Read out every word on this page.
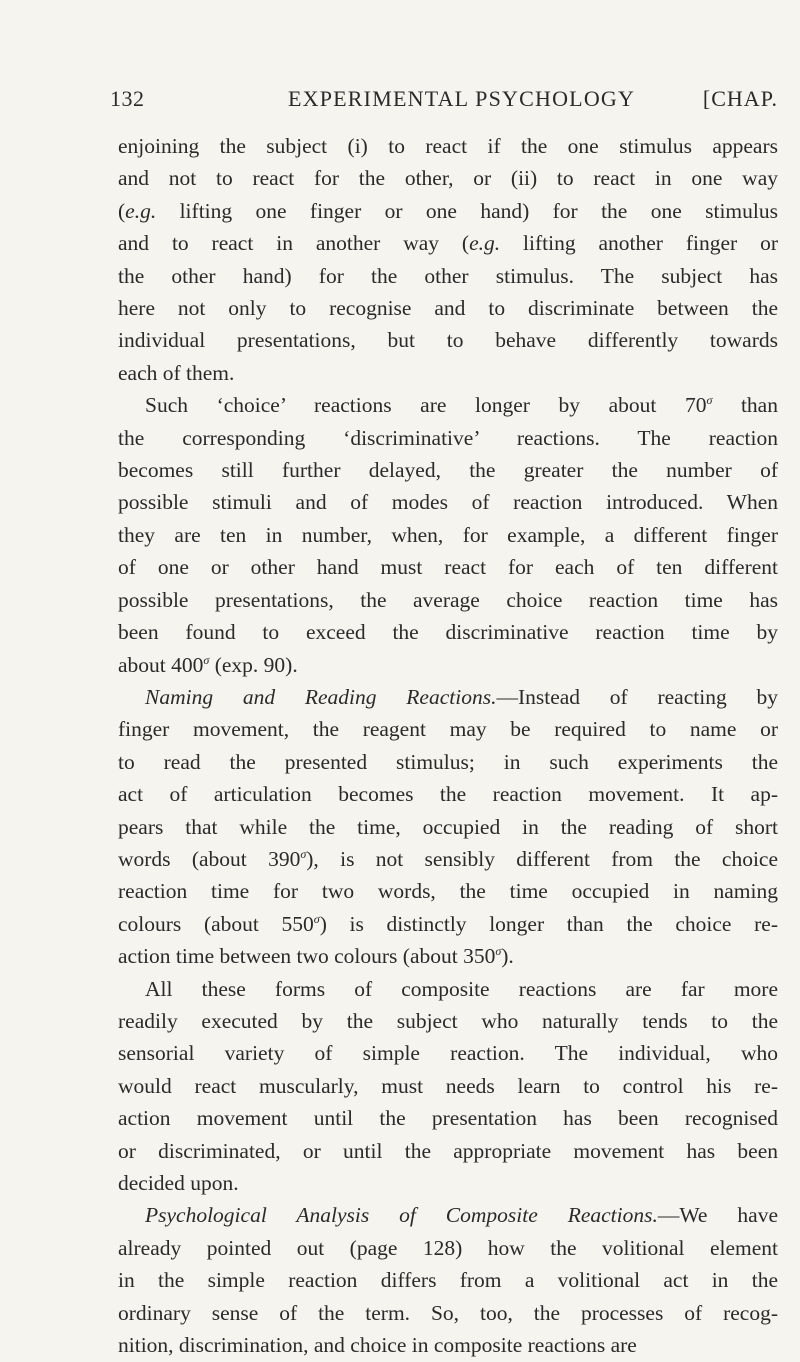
132	EXPERIMENTAL PSYCHOLOGY	[CHAP.
enjoining the subject (i) to react if the one stimulus appears
and not to react for the other, or (ii) to react in one way
(e.g. lifting one finger or one hand) for the one stimulus
and to react in another way (e.g. lifting another finger or
the other hand) for the other stimulus. The subject has
here not only to recognise and to discriminate between the
individual presentations, but to behave differently towards
each of them.
Such ‘choice’ reactions are longer by about $70^\sigma$ than
the corresponding ‘discriminative’ reactions. The reaction
becomes still further delayed, the greater the number of
possible stimuli and of modes of reaction introduced. When
they are ten in number, when, for example, a different finger
of one or other hand must react for each of ten different
possible presentations, the average choice reaction time has
been found to exceed the discriminative reaction time by
about $400^\sigma$ (exp. 90).
Naming and Reading Reactions.—Instead of reacting by
finger movement, the reagent may be required to name or
to read the presented stimulus; in such experiments the
act of articulation becomes the reaction movement. It ap-
pears that while the time, occupied in the reading of short
words (about $390^\sigma$), is not sensibly different from the choice
reaction time for two words, the time occupied in naming
colours (about $550^\sigma$) is distinctly longer than the choice re-
action time between two colours (about $350^\sigma$).
All these forms of composite reactions are far more
readily executed by the subject who naturally tends to the
sensorial variety of simple reaction. The individual, who
would react muscularly, must needs learn to control his re-
action movement until the presentation has been recognised
or discriminated, or until the appropriate movement has been
decided upon.
Psychological Analysis of Composite Reactions.—We have
already pointed out (page 128) how the volitional element
in the simple reaction differs from a volitional act in the
ordinary sense of the term. So, too, the processes of recog-
nition, discrimination, and choice in composite reactions are
